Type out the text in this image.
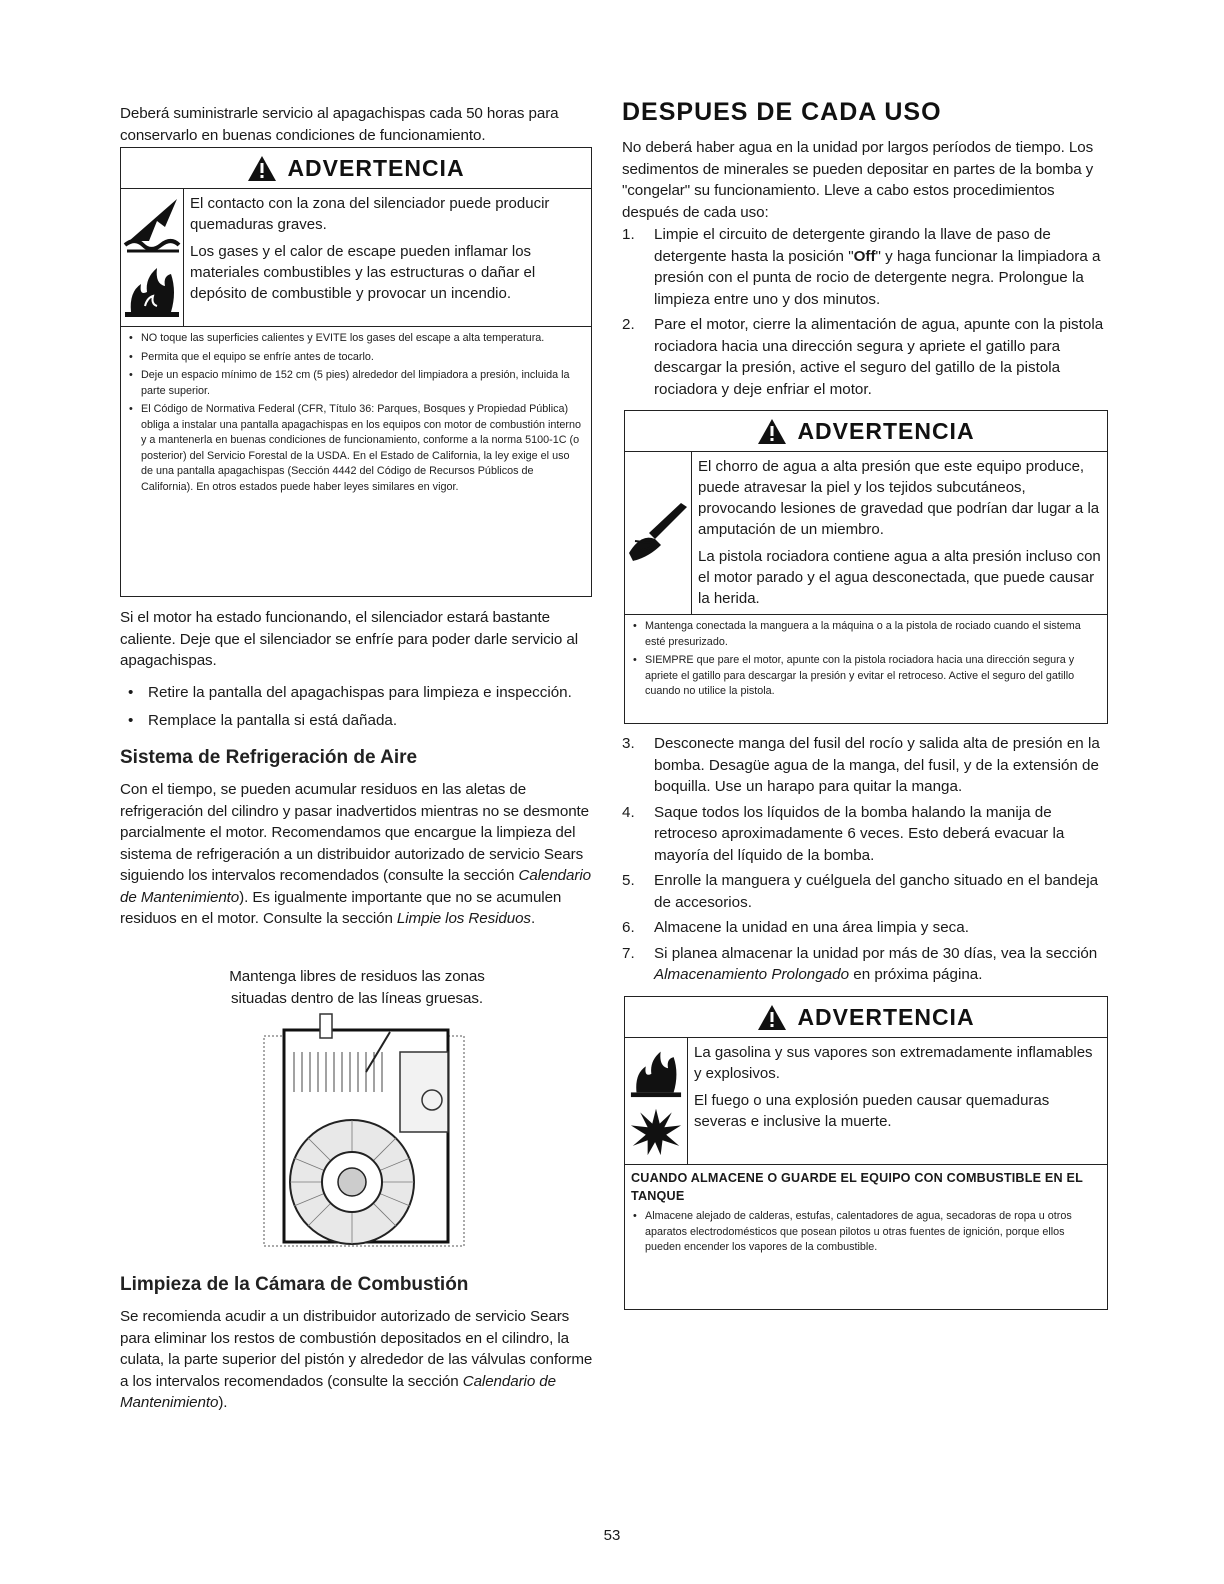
Deberá suministrarle servicio al apagachispas cada 50 horas para conservarlo en buenas condiciones de funcionamiento.

ADVERTENCIA

El contacto con la zona del silenciador puede producir quemaduras graves.

Los gases y el calor de escape pueden inflamar los materiales combustibles y las estructuras o dañar el depósito de combustible y provocar un incendio.

• NO toque las superficies calientes y EVITE los gases del escape a alta temperatura.
• Permita que el equipo se enfríe antes de tocarlo.
• Deje un espacio mínimo de 152 cm (5 pies) alrededor del limpiadora a presión, incluida la parte superior.
• El Código de Normativa Federal (CFR, Título 36: Parques, Bosques y Propiedad Pública) obliga a instalar una pantalla apagachispas en los equipos con motor de combustión interno y a mantenerla en buenas condiciones de funcionamiento, conforme a la norma 5100-1C (o posterior) del Servicio Forestal de la USDA. En el Estado de California, la ley exige el uso de una pantalla apagachispas (Sección 4442 del Código de Recursos Públicos de California). En otros estados puede haber leyes similares en vigor.

Si el motor ha estado funcionando, el silenciador estará bastante caliente. Deje que el silenciador se enfríe para poder darle servicio al apagachispas.

• Retire la pantalla del apagachispas para limpieza e inspección.
• Remplace la pantalla si está dañada.
Sistema de Refrigeración de Aire

Con el tiempo, se pueden acumular residuos en las aletas de refrigeración del cilindro y pasar inadvertidos mientras no se desmonte parcialmente el motor. Recomendamos que encargue la limpieza del sistema de refrigeración a un distribuidor autorizado de servicio Sears siguiendo los intervalos recomendados (consulte la sección Calendario de Mantenimiento). Es igualmente importante que no se acumulen residuos en el motor. Consulte la sección Limpie los Residuos.

Mantenga libres de residuos las zonas situadas dentro de las líneas gruesas.

Limpieza de la Cámara de Combustión

Se recomienda acudir a un distribuidor autorizado de servicio Sears para eliminar los restos de combustión depositados en el cilindro, la culata, la parte superior del pistón y alrededor de las válvulas conforme a los intervalos recomendados (consulte la sección Calendario de Mantenimiento).

DESPUES DE CADA USO

No deberá haber agua en la unidad por largos períodos de tiempo. Los sedimentos de minerales se pueden depositar en partes de la bomba y "congelar" su funcionamiento. Lleve a cabo estos procedimientos después de cada uso:

1. Limpie el circuito de detergente girando la llave de paso de detergente hasta la posición "Off" y haga funcionar la limpiadora a presión con el punta de rocio de detergente negra. Prolongue la limpieza entre uno y dos minutos.
2. Pare el motor, cierre la alimentación de agua, apunte con la pistola rociadora hacia una dirección segura y apriete el gatillo para descargar la presión, active el seguro del gatillo de la pistola rociadora y deje enfriar el motor.
ADVERTENCIA

El chorro de agua a alta presión que este equipo produce, puede atravesar la piel y los tejidos subcutáneos, provocando lesiones de gravedad que podrían dar lugar a la amputación de un miembro.

La pistola rociadora contiene agua a alta presión incluso con el motor parado y el agua desconectada, que puede causar la herida.

• Mantenga conectada la manguera a la máquina o a la pistola de rociado cuando el sistema esté presurizado.
• SIEMPRE que pare el motor, apunte con la pistola rociadora hacia una dirección segura y apriete el gatillo para descargar la presión y evitar el retroceso. Active el seguro del gatillo cuando no utilice la pistola.
3. Desconecte manga del fusil del rocío y salida alta de presión en la bomba. Desagüe agua de la manga, del fusil, y de la extensión de boquilla. Use un harapo para quitar la manga.
4. Saque todos los líquidos de la bomba halando la manija de retroceso aproximadamente 6 veces. Esto deberá evacuar la mayoría del líquido de la bomba.
5. Enrolle la manguera y cuélguela del gancho situado en el bandeja de accesorios.
6. Almacene la unidad en una área limpia y seca.
7. Si planea almacenar la unidad por más de 30 días, vea la sección Almacenamiento Prolongado en próxima página.
ADVERTENCIA

La gasolina y sus vapores son extremadamente inflamables y explosivos.

El fuego o una explosión pueden causar quemaduras severas e inclusive la muerte.

CUANDO ALMACENE O GUARDE EL EQUIPO CON COMBUSTIBLE EN EL TANQUE
• Almacene alejado de calderas, estufas, calentadores de agua, secadoras de ropa u otros aparatos electrodomésticos que posean pilotos u otras fuentes de ignición, porque ellos pueden encender los vapores de la combustible.
53
